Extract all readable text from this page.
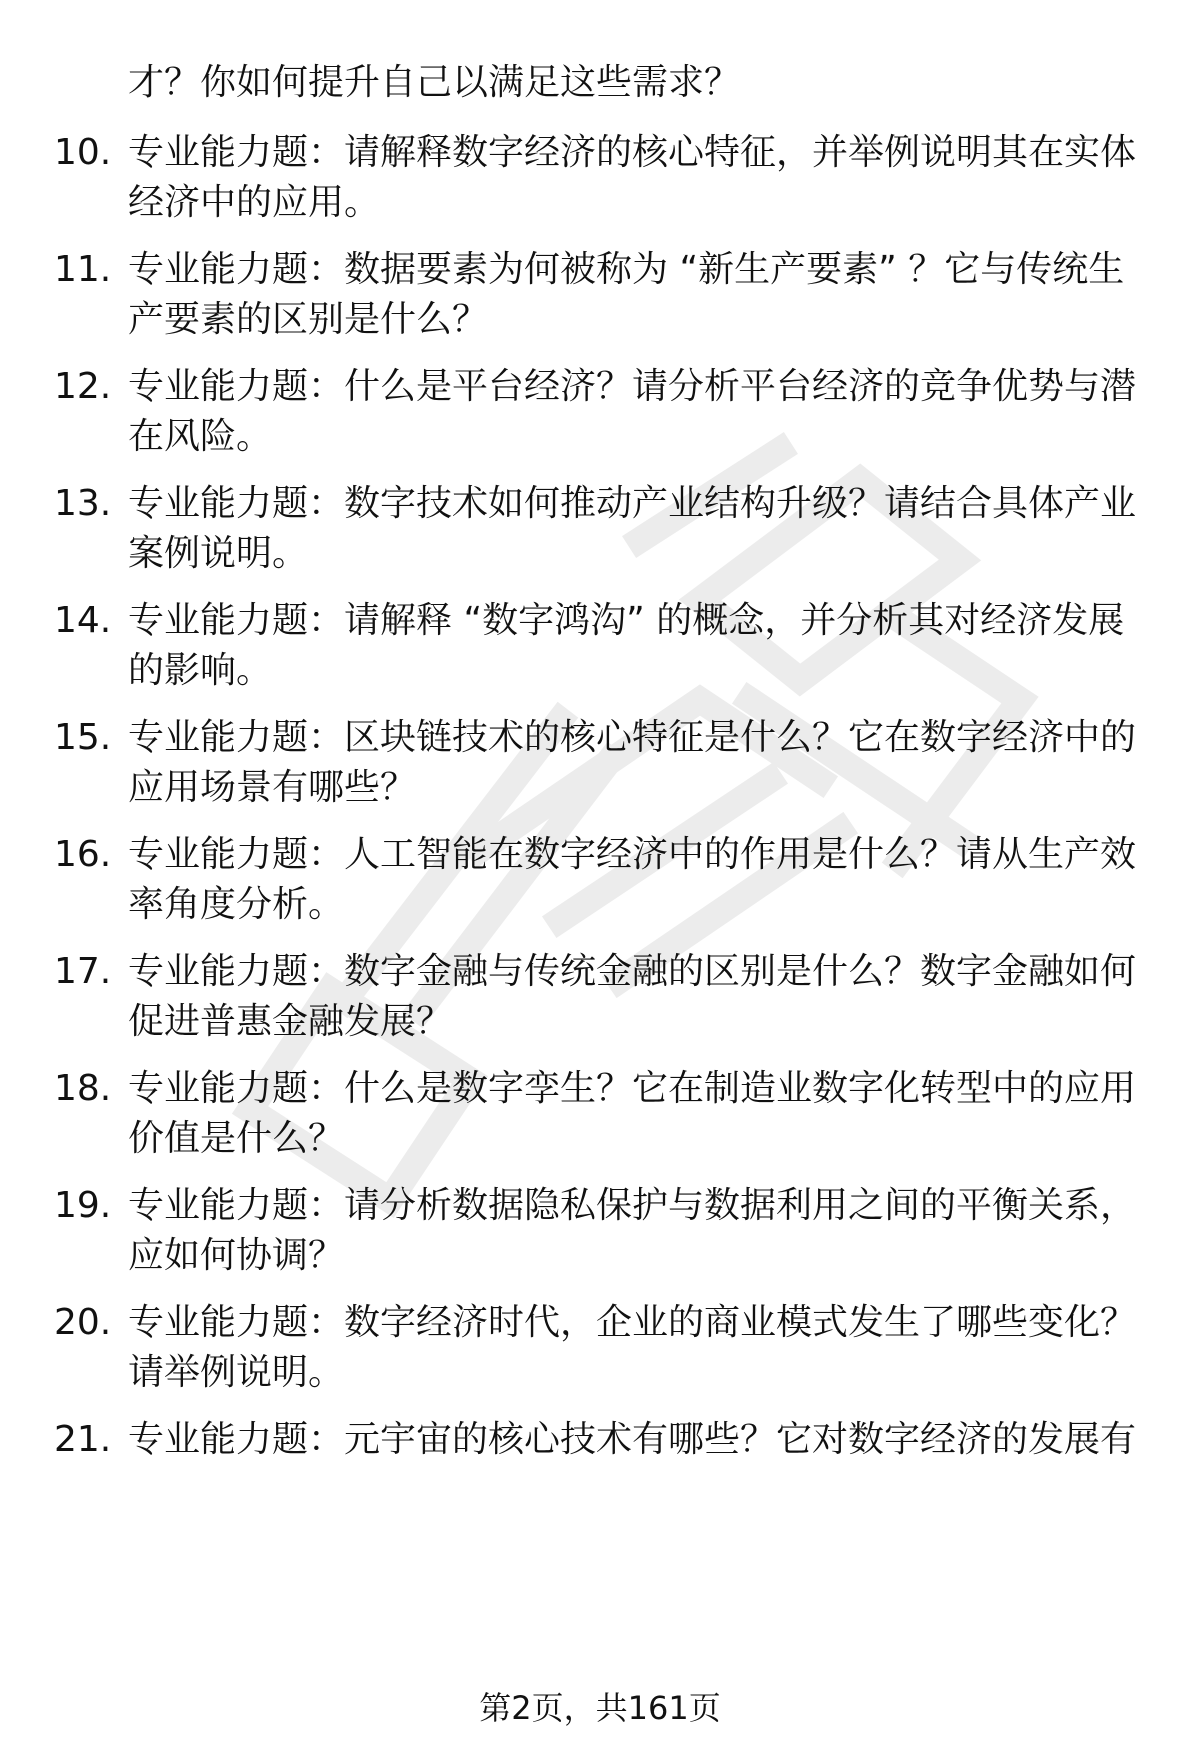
才？你如何提升自己以满足这些需求？
10. 专业能力题：请解释数字经济的核心特征，并举例说明其在实体
经济中的应用。
11. 专业能力题：数据要素为何被称为 “新生产要素” ？它与传统生
产要素的区别是什么？
12. 专业能力题：什么是平台经济？请分析平台经济的竞争优势与潜
在风险。
13. 专业能力题：数字技术如何推动产业结构升级？请结合具体产业
案例说明。
14. 专业能力题：请解释 “数字鸿沟” 的概念，并分析其对经济发展
的影响。
15. 专业能力题：区块链技术的核心特征是什么？它在数字经济中的
应用场景有哪些？
16. 专业能力题：人工智能在数字经济中的作用是什么？请从生产效
率角度分析。
17. 专业能力题：数字金融与传统金融的区别是什么？数字金融如何
促进普惠金融发展？
18. 专业能力题：什么是数字孪生？它在制造业数字化转型中的应用
价值是什么？
19. 专业能力题：请分析数据隐私保护与数据利用之间的平衡关系，
应如何协调？
20. 专业能力题：数字经济时代，企业的商业模式发生了哪些变化？
请举例说明。
21. 专业能力题：元宇宙的核心技术有哪些？它对数字经济的发展有
第2页，共161页
